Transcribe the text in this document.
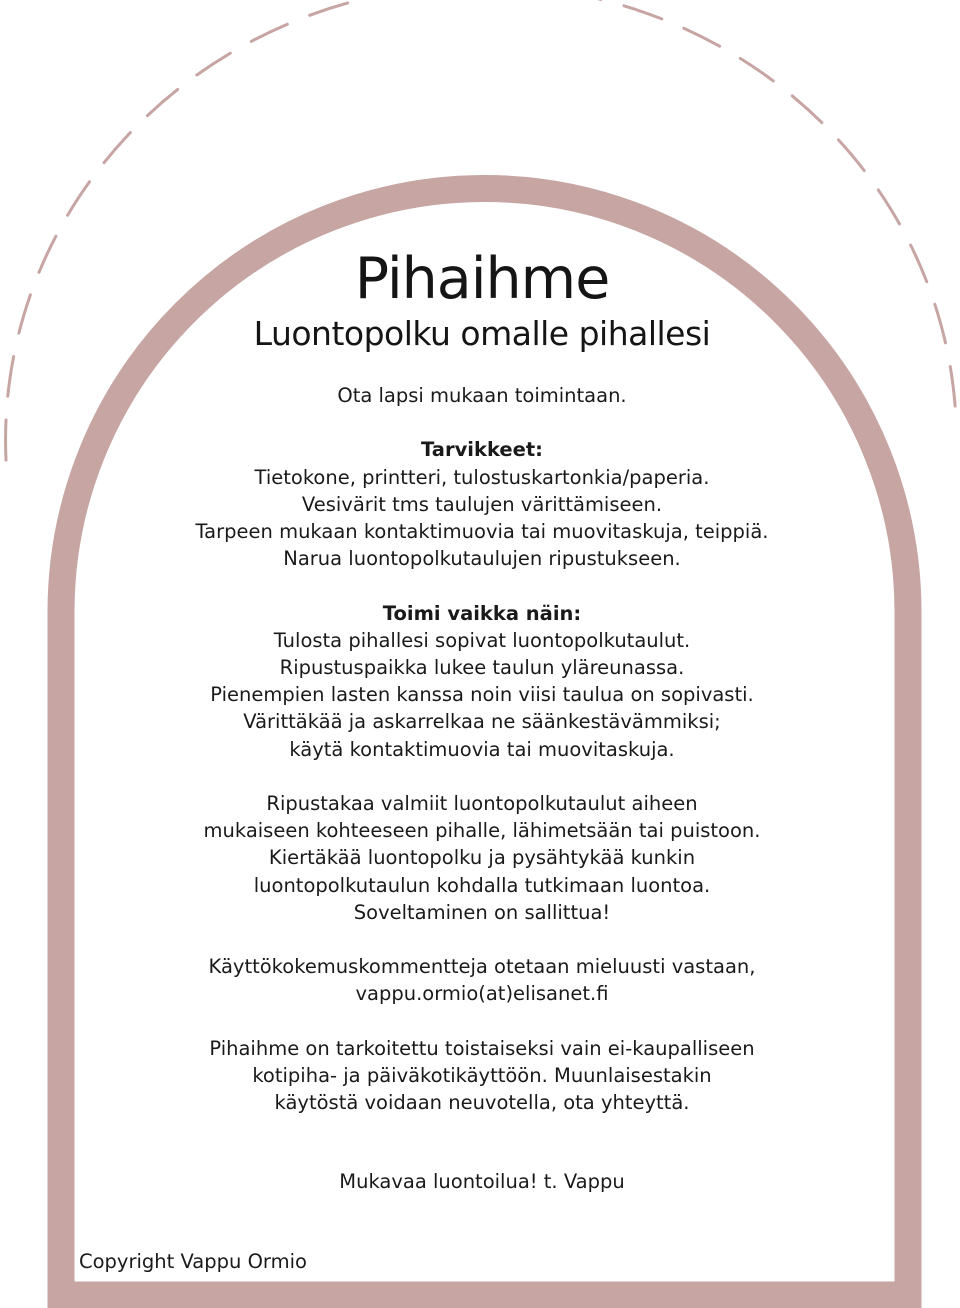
Pihaihme
Luontopolku omalle pihallesi
Ota lapsi mukaan toimintaan.
Tarvikkeet:
Tietokone, printteri, tulostuskartonkia/paperia.
Vesivärit tms taulujen värittämiseen.
Tarpeen mukaan kontaktimuovia tai muovitaskuja, teippiä.
Narua luontopolkutaulujen ripustukseen.
Toimi vaikka näin:
Tulosta pihallesi sopivat luontopolkutaulut.
Ripustuspaikka lukee taulun yläreunassa.
Pienempien lasten kanssa noin viisi taulua on sopivasti.
Värittäkää ja askarrelkaa ne säänkestävämmiksi;
käytä kontaktimuovia tai muovitaskuja.
Ripustakaa valmiit luontopolkutaulut aiheen
mukaiseen kohteeseen pihalle, lähimetsään tai puistoon.
Kiertäkää luontopolku ja pysähtykää kunkin
luontopolkutaulun kohdalla tutkimaan luontoa.
Soveltaminen on sallittua!
Käyttökokemuskommentteja otetaan mieluusti vastaan,
vappu.ormio(at)elisanet.fi
Pihaihme on tarkoitettu toistaiseksi vain ei-kaupalliseen
kotipiha- ja päiväkotikäyttöön. Muunlaisestakin
käytöstä voidaan neuvotella, ota yhteyttä.
Mukavaa luontoilua! t. Vappu
Copyright Vappu Ormio
